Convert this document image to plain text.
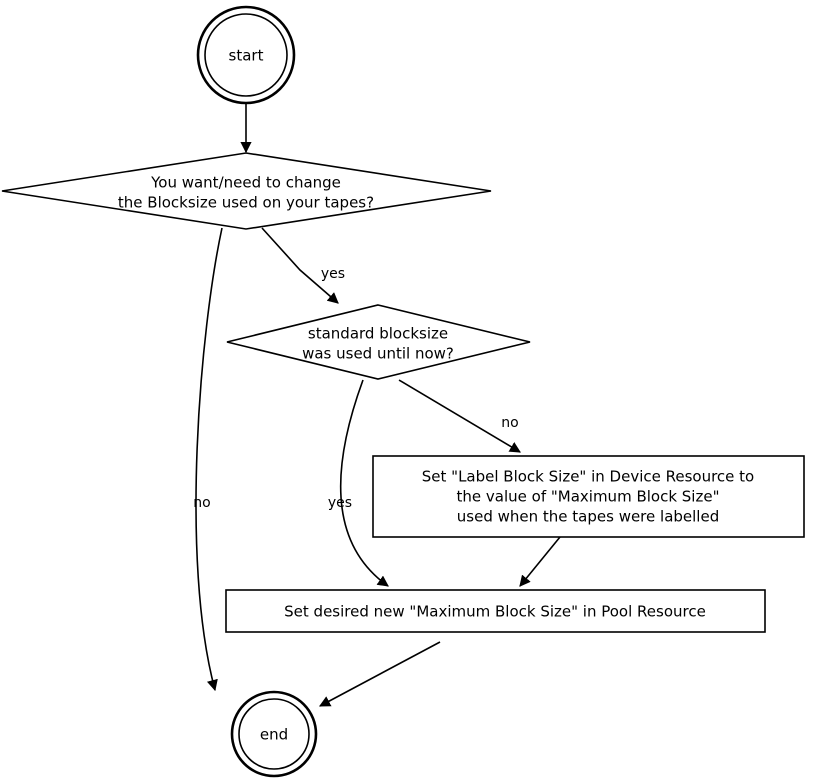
yes
no
no
yes
start
You want/need to change
the Blocksize used on your tapes?
standard blocksize
was used until now?
Set "Label Block Size" in Device Resource to
the value of "Maximum Block Size"
used when the tapes were labelled
Set desired new "Maximum Block Size" in Pool Resource
end
